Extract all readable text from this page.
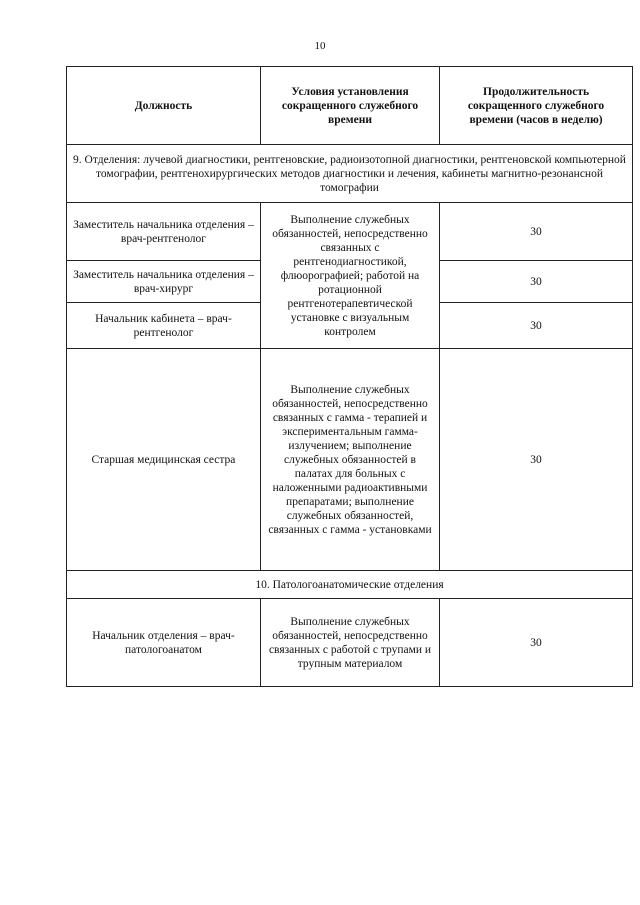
10
Должность	Условия установления сокращенного служебного времени	Продолжительность сокращенного служебного времени (часов в неделю)
9. Отделения: лучевой диагностики, рентгеновские, радиоизотопной диагностики, рентгеновской компьютерной томографии, рентгенохирургических методов диагностики и лечения, кабинеты магнитно-резонансной томографии		
Заместитель начальника отделения – врач-рентгенолог	Выполнение служебных обязанностей, непосредственно связанных с рентгенодиагностикой, флюорографией; работой на ротационной рентгенотерапевтической установке с визуальным контролем	30
Заместитель начальника отделения – врач-хирург		30
Начальник кабинета – врач-рентгенолог		30
Старшая медицинская сестра	Выполнение служебных обязанностей, непосредственно связанных с гамма - терапией и экспериментальным гамма-излучением; выполнение служебных обязанностей в палатах для больных с наложенными радиоактивными препаратами; выполнение служебных обязанностей, связанных с гамма - установками	30
10. Патологоанатомические отделения		
Начальник отделения – врач-патологоанатом	Выполнение служебных обязанностей, непосредственно связанных с работой с трупами и трупным материалом	30
